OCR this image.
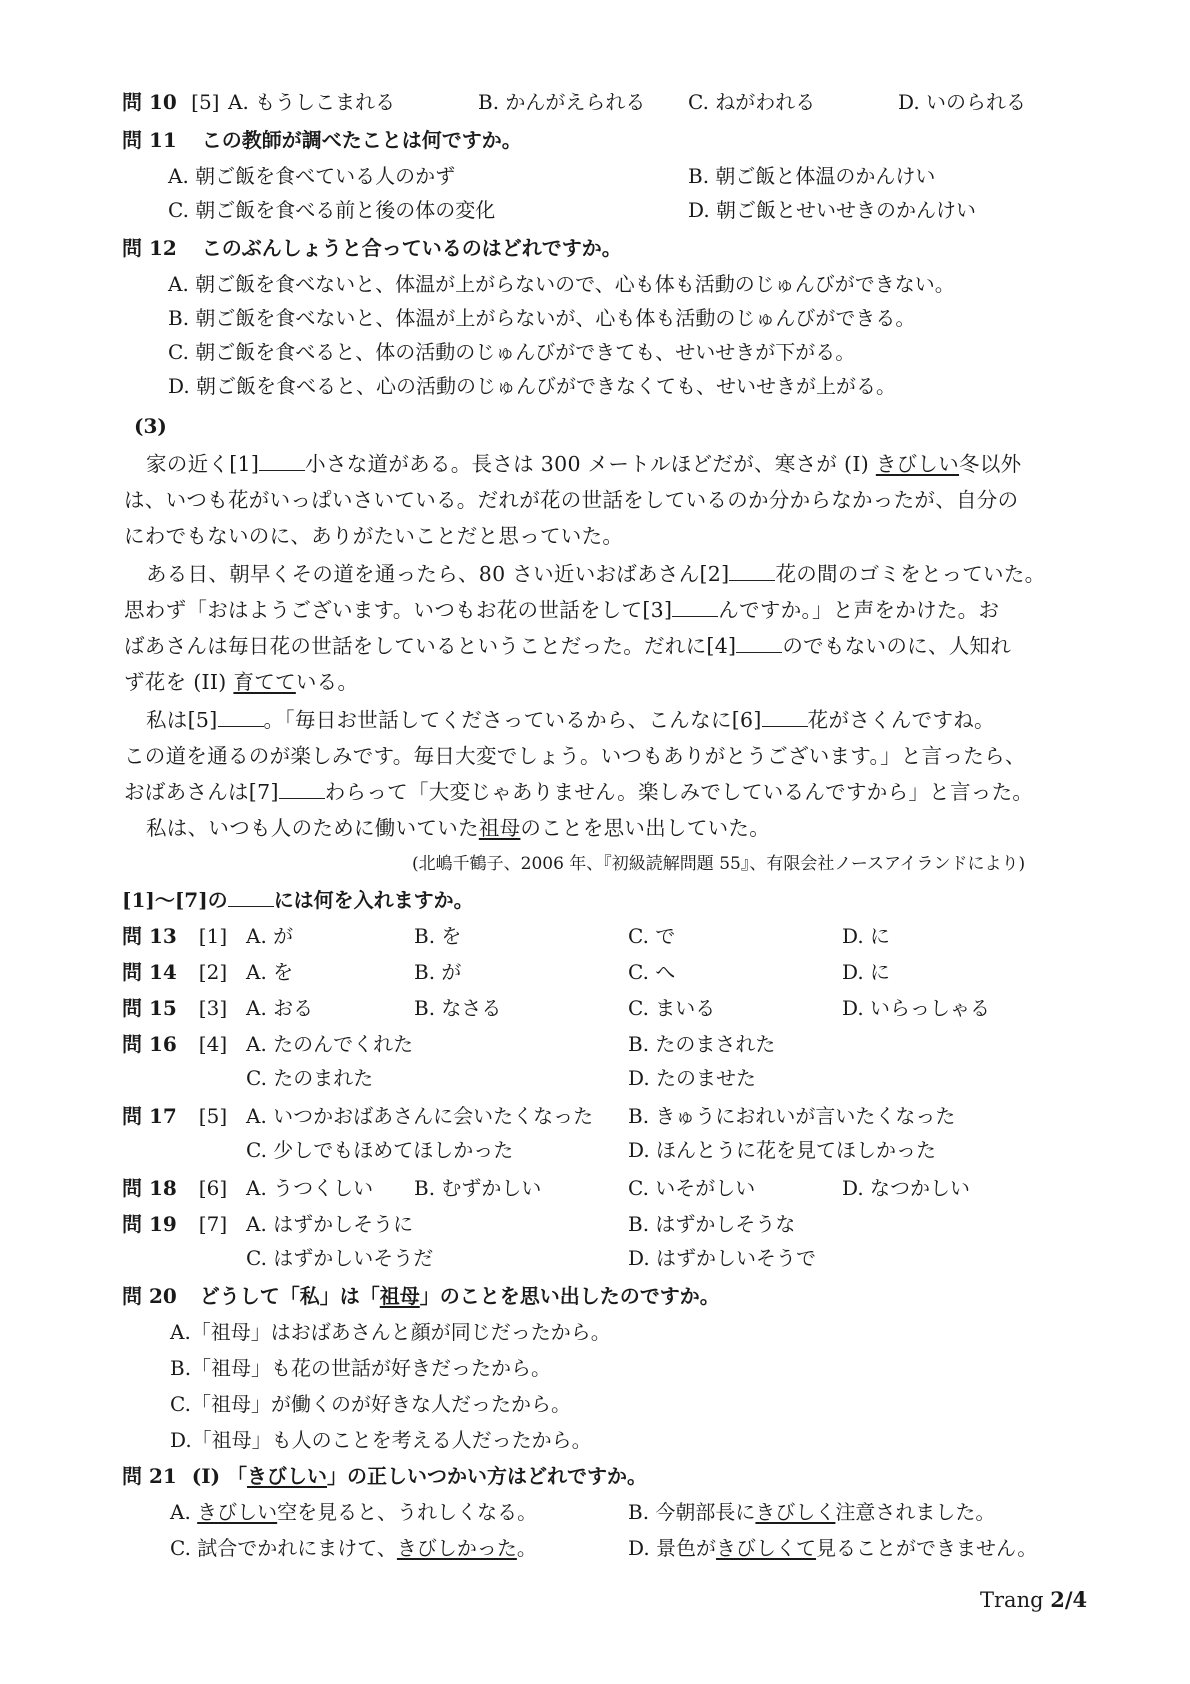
問 10 [5] A. もうしこまれる	B. かんがえられる C. ねがわれる	D. いのられる
問 11 この教師が調べたことは何ですか。
A. 朝ご飯を食べている人のかず	B. 朝ご飯と体温のかんけい
C. 朝ご飯を食べる前と後の体の変化	D. 朝ご飯とせいせきのかんけい
問 12 このぶんしょうと合っているのはどれですか。
A. 朝ご飯を食べないと、体温が上がらないので、心も体も活動のじゅんびができない。
B. 朝ご飯を食べないと、体温が上がらないが、心も体も活動のじゅんびができる。
C. 朝ご飯を食べると、体の活動のじゅんびができても、せいせきが下がる。
D. 朝ご飯を食べると、心の活動のじゅんびができなくても、せいせきが上がる。
(3)
家の近く[1] 小さな道がある。長さは 300 メートルほどだが、寒さが (I) きびしい冬以外
は、いつも花がいっぱいさいている。だれが花の世話をしているのか分からなかったが、自分の
にわでもないのに、ありがたいことだと思っていた。
ある日、朝早くその道を通ったら、80 さい近いおばあさん[2] 花の間のゴミをとっていた。
思わず「おはようございます。いつもお花の世話をして[3] んですか。」と声をかけた。お
ばあさんは毎日花の世話をしているということだった。だれに[4] のでもないのに、人知れ
ず花を (II) 育てている。
私は[5] 。「毎日お世話してくださっているから、こんなに[6] 花がさくんですね。
この道を通るのが楽しみです。毎日大変でしょう。いつもありがとうございます。」と言ったら、
おばあさんは[7] わらって「大変じゃありません。楽しみでしているんですから」と言った。
私は、いつも人のために働いていた祖母のことを思い出していた。
(北嶋千鶴子、2006 年、『初級読解問題 55』、有限会社ノースアイランドにより)
[1]〜[7]の には何を入れますか。
問 13 [1] A. が	B. を	C. で	D. に
問 14 [2] A. を	B. が	C. へ	D. に
問 15 [3] A. おる	B. なさる	C. まいる	D. いらっしゃる
問 16 [4] A. たのんでくれた	B. たのまされた
C. たのまれた	D. たのませた
問 17 [5] A. いつかおばあさんに会いたくなった B. きゅうにおれいが言いたくなった
C. 少しでもほめてほしかった	D. ほんとうに花を見てほしかった
問 18 [6] A. うつくしい B. むずかしい	C. いそがしい	D. なつかしい
問 19 [7] A. はずかしそうに	B. はずかしそうな
C. はずかしいそうだ	D. はずかしいそうで
問 20 どうして「私」は「祖母」のことを思い出したのですか。
A.「祖母」はおばあさんと顔が同じだったから。
B.「祖母」も花の世話が好きだったから。
C.「祖母」が働くのが好きな人だったから。
D.「祖母」も人のことを考える人だったから。
問 21 (I) 「きびしい」の正しいつかい方はどれですか。
A. きびしい空を見ると、うれしくなる。	B. 今朝部長にきびしく注意されました。
C. 試合でかれにまけて、きびしかった。	D. 景色がきびしくて見ることができません。
Trang 2/4
